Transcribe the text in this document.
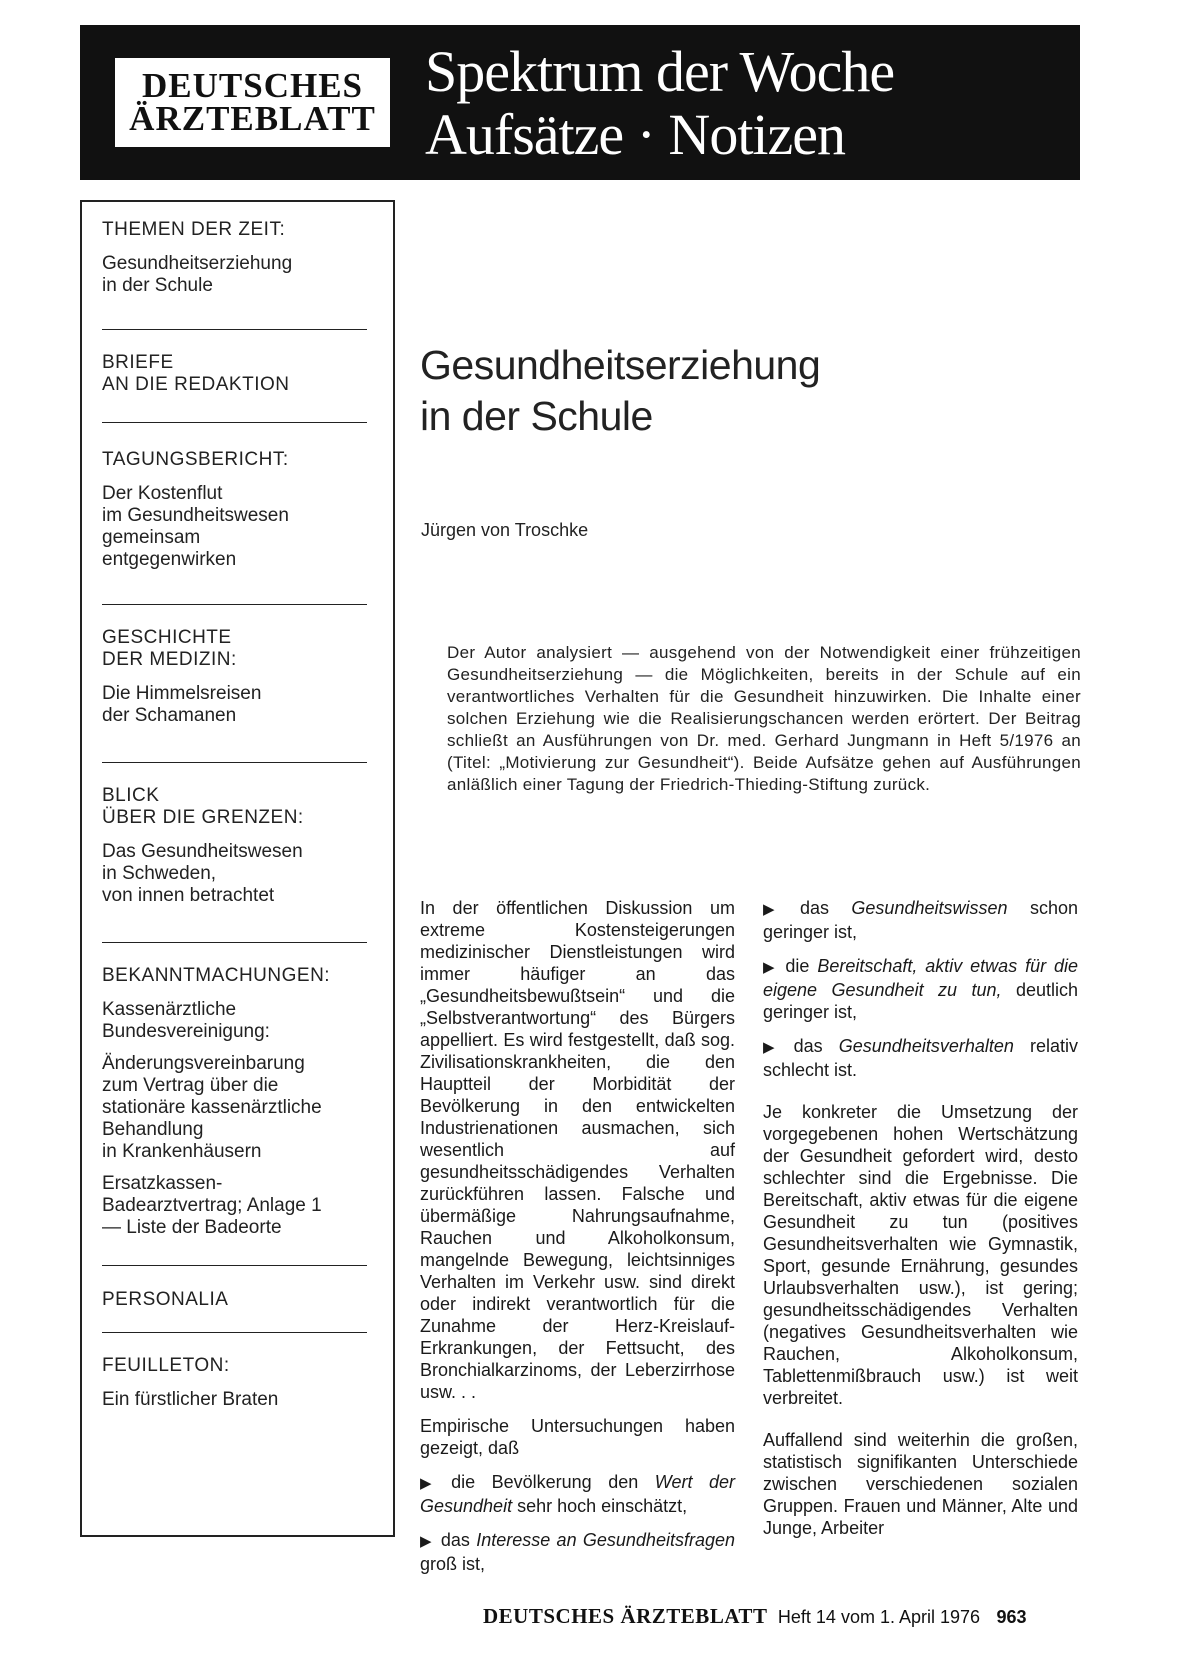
DEUTSCHES
ÄRZTEBLATT
Spektrum der Woche
Aufsätze · Notizen

THEMEN DER ZEIT:

Gesundheitserziehung
in der Schule

BRIEFE
AN DIE REDAKTION

TAGUNGSBERICHT:

Der Kostenflut
im Gesundheitswesen
gemeinsam
entgegenwirken

GESCHICHTE
DER MEDIZIN:

Die Himmelsreisen
der Schamanen

BLICK
ÜBER DIE GRENZEN:

Das Gesundheitswesen
in Schweden,
von innen betrachtet

BEKANNTMACHUNGEN:

Kassenärztliche
Bundesvereinigung:

Änderungsvereinbarung
zum Vertrag über die
stationäre kassenärztliche
Behandlung
in Krankenhäusern

Ersatzkassen-
Badearztvertrag; Anlage 1
— Liste der Badeorte

PERSONALIA

FEUILLETON:

Ein fürstlicher Braten

Gesundheitserziehung
in der Schule
Jürgen von Troschke
Der Autor analysiert — ausgehend von der Notwendigkeit einer frühzeitigen Gesundheitserziehung — die Möglichkeiten, bereits in der Schule auf ein verantwortliches Verhalten für die Gesundheit hinzuwirken. Die Inhalte einer solchen Erziehung wie die Realisierungschancen werden erörtert. Der Beitrag schließt an Ausführungen von Dr. med. Gerhard Jungmann in Heft 5/1976 an (Titel: „Motivierung zur Gesundheit“). Beide Aufsätze gehen auf Ausführungen anläßlich einer Tagung der Friedrich-Thieding-Stiftung zurück.

In der öffentlichen Diskussion um extreme Kostensteigerungen medizinischer Dienstleistungen wird immer häufiger an das „Gesundheitsbewußtsein“ und die „Selbstverantwortung“ des Bürgers appelliert. Es wird festgestellt, daß sog. Zivilisationskrankheiten, die den Hauptteil der Morbidität der Bevölkerung in den entwickelten Industrienationen ausmachen, sich wesentlich auf gesundheitsschädigendes Verhalten zurückführen lassen. Falsche und übermäßige Nahrungsaufnahme, Rauchen und Alkoholkonsum, mangelnde Bewegung, leichtsinniges Verhalten im Verkehr usw. sind direkt oder indirekt verantwortlich für die Zunahme der Herz-Kreislauf-Erkrankungen, der Fettsucht, des Bronchialkarzinoms, der Leberzirrhose usw. . .

Empirische Untersuchungen haben gezeigt, daß

▶ die Bevölkerung den Wert der Gesundheit sehr hoch einschätzt,

▶ das Interesse an Gesundheitsfragen groß ist,

▶ das Gesundheitswissen schon geringer ist,

▶ die Bereitschaft, aktiv etwas für die eigene Gesundheit zu tun, deutlich geringer ist,

▶ das Gesundheitsverhalten relativ schlecht ist.

Je konkreter die Umsetzung der vorgegebenen hohen Wertschätzung der Gesundheit gefordert wird, desto schlechter sind die Ergebnisse. Die Bereitschaft, aktiv etwas für die eigene Gesundheit zu tun (positives Gesundheitsverhalten wie Gymnastik, Sport, gesunde Ernährung, gesundes Urlaubsverhalten usw.), ist gering; gesundheitsschädigendes Verhalten (negatives Gesundheitsverhalten wie Rauchen, Alkoholkonsum, Tablettenmißbrauch usw.) ist weit verbreitet.

Auffallend sind weiterhin die großen, statistisch signifikanten Unterschiede zwischen verschiedenen sozialen Gruppen. Frauen und Männer, Alte und Junge, Arbeiter

DEUTSCHES ÄRZTEBLATT Heft 14 vom 1. April 1976 963
